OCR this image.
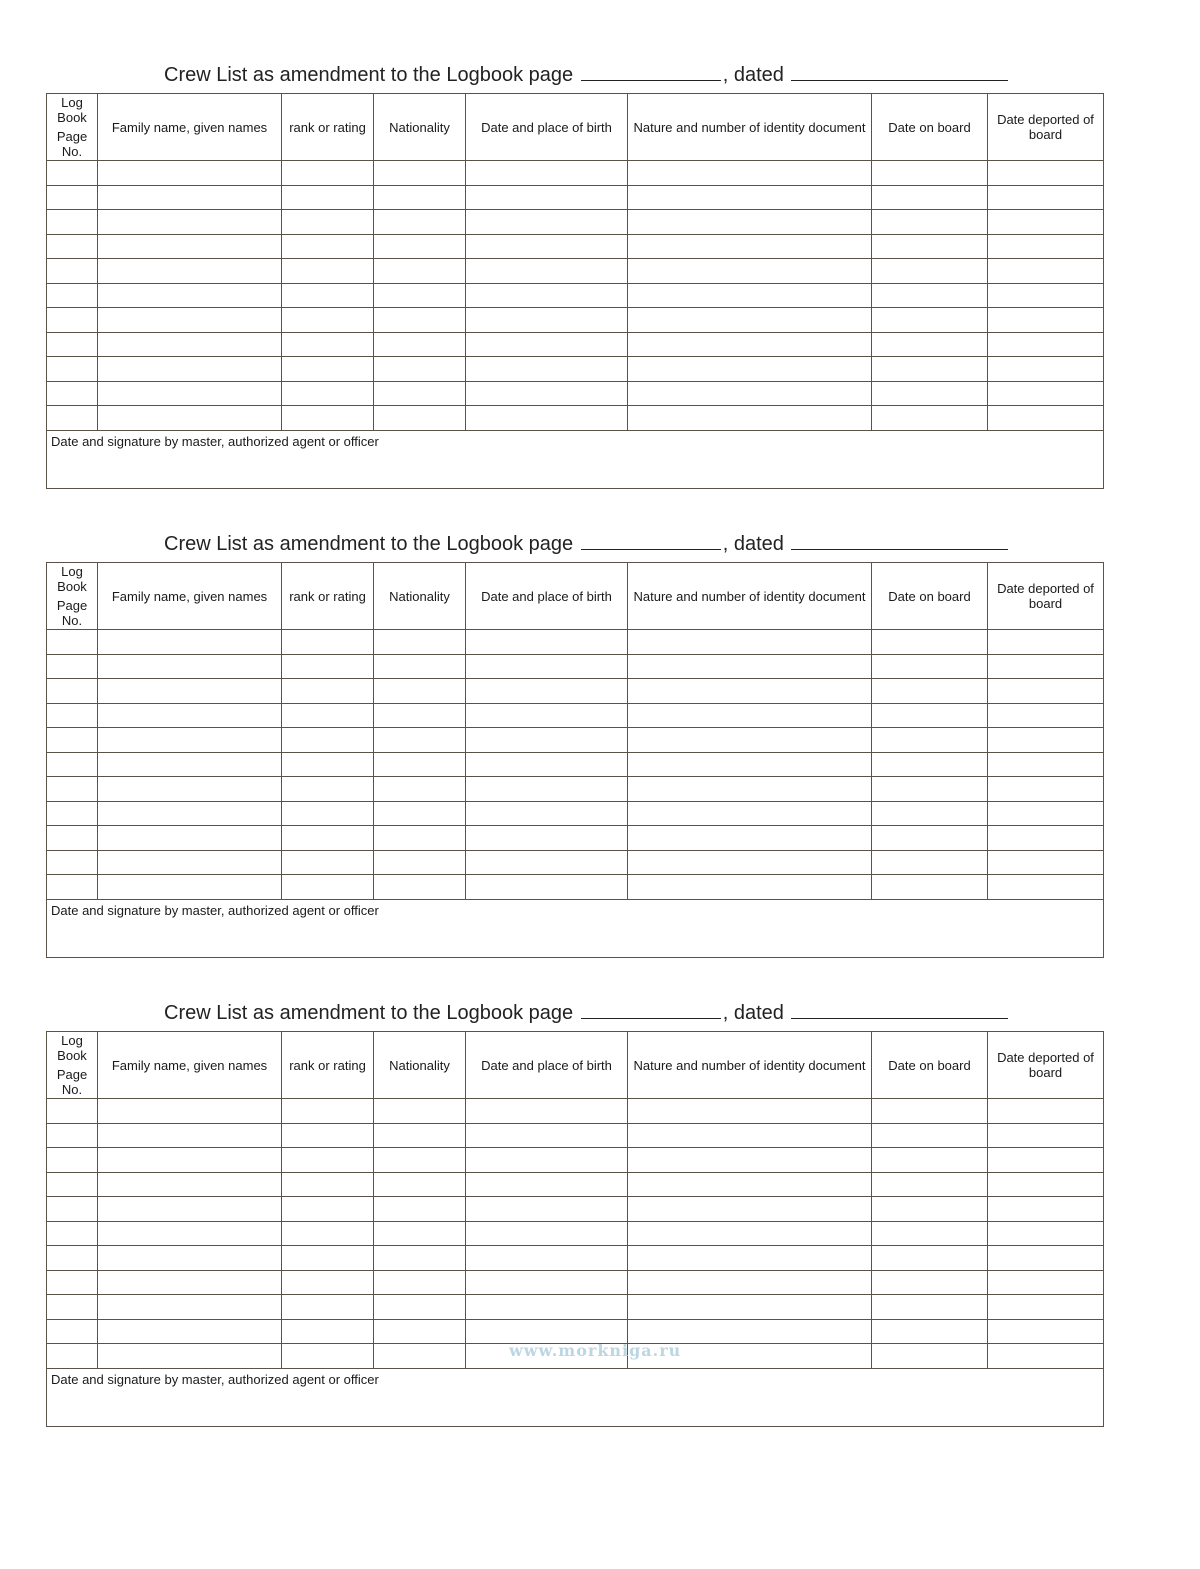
Crew List as amendment to the Logbook page	, dated
Log
Book
Page
No.	Family name, given names	rank or rating	Nationality	Date and place of birth	Nature and number of identity document	Date on board	Date deported of board

Date and signature by master, authorized agent or officer							
Crew List as amendment to the Logbook page	, dated
Log
Book
Page
No.	Family name, given names	rank or rating	Nationality	Date and place of birth	Nature and number of identity document	Date on board	Date deported of board

Date and signature by master, authorized agent or officer							
Crew List as amendment to the Logbook page	, dated
Log
Book
Page
No.	Family name, given names	rank or rating	Nationality	Date and place of birth	Nature and number of identity document	Date on board	Date deported of board

Date and signature by master, authorized agent or officer							
www.morkniga.ru
